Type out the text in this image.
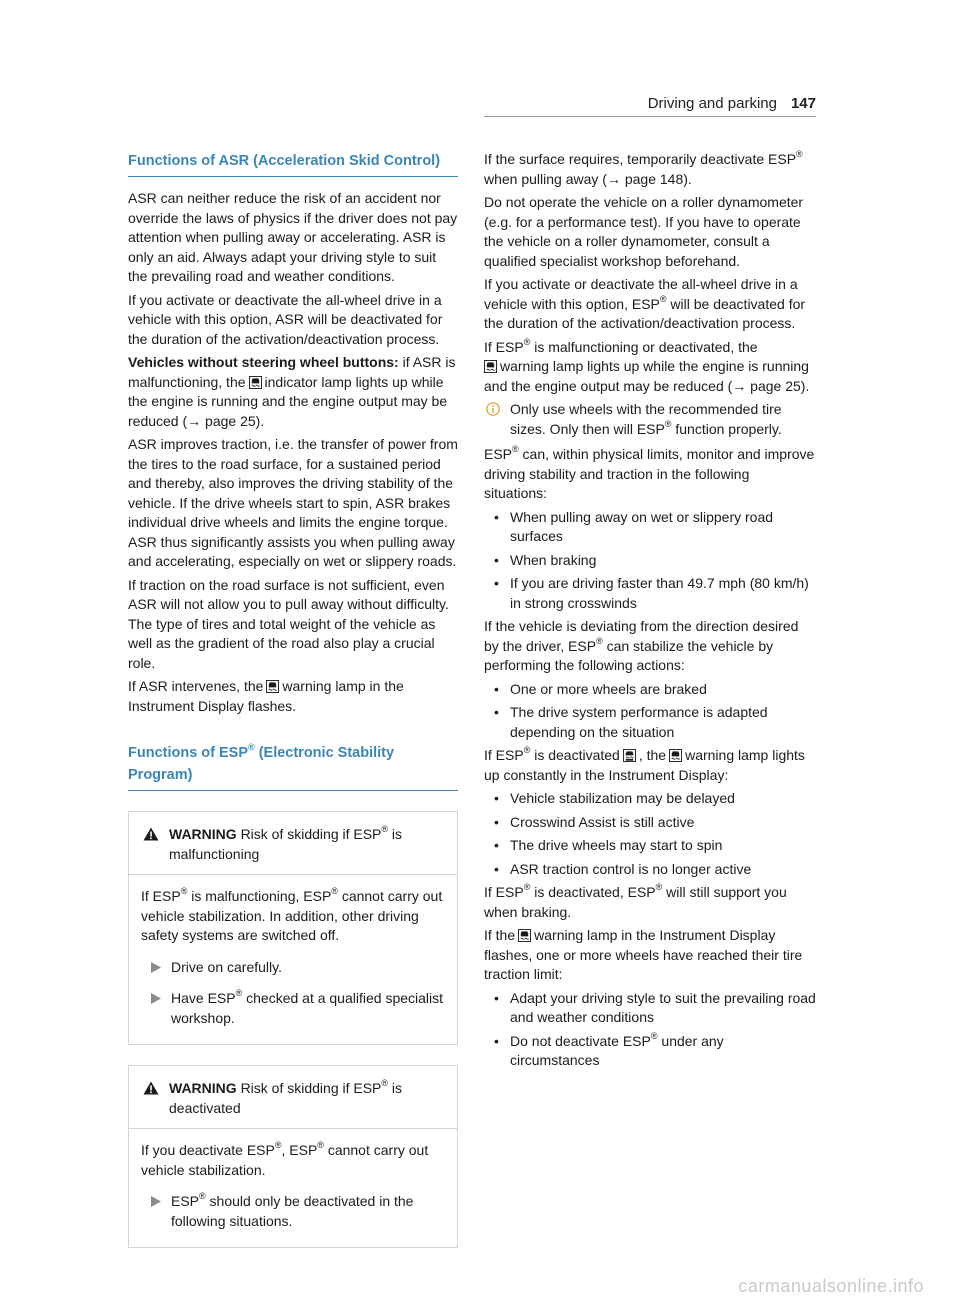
Driving and parking 147
Functions of ASR (Acceleration Skid Control)

ASR can neither reduce the risk of an accident nor override the laws of physics if the driver does not pay attention when pulling away or accelerating. ASR is only an aid. Always adapt your driving style to suit the prevailing road and weather conditions.

If you activate or deactivate the all-wheel drive in a vehicle with this option, ASR will be deactivated for the duration of the activation/deactivation process.

Vehicles without steering wheel buttons: if ASR is malfunctioning, the indicator lamp lights up while the engine is running and the engine output may be reduced (→ page 25).

ASR improves traction, i.e. the transfer of power from the tires to the road surface, for a sustained period and thereby, also improves the driving stability of the vehicle. If the drive wheels start to spin, ASR brakes individual drive wheels and limits the engine torque. ASR thus significantly assists you when pulling away and accelerating, especially on wet or slippery roads.

If traction on the road surface is not sufficient, even ASR will not allow you to pull away without difficulty. The type of tires and total weight of the vehicle as well as the gradient of the road also play a crucial role.

If ASR intervenes, the warning lamp in the Instrument Display flashes.

Functions of ESP® (Electronic Stability Program)
WARNING Risk of skidding if ESP® is malfunctioning

If ESP® is malfunctioning, ESP® cannot carry out vehicle stabilization. In addition, other driving safety systems are switched off.

Drive on carefully.
Have ESP® checked at a qualified specialist workshop.
WARNING Risk of skidding if ESP® is deactivated

If you deactivate ESP®, ESP® cannot carry out vehicle stabilization.

ESP® should only be deactivated in the following situations.

If the surface requires, temporarily deactivate ESP® when pulling away (→ page 148).

Do not operate the vehicle on a roller dynamometer (e.g. for a performance test). If you have to operate the vehicle on a roller dynamometer, consult a qualified specialist workshop beforehand.

If you activate or deactivate the all-wheel drive in a vehicle with this option, ESP® will be deactivated for the duration of the activation/deactivation process.

If ESP® is malfunctioning or deactivated, the
warning lamp lights up while the engine is running and the engine output may be reduced (→ page 25).

Only use wheels with the recommended tire sizes. Only then will ESP® function properly.

ESP® can, within physical limits, monitor and improve driving stability and traction in the following situations:

• When pulling away on wet or slippery road surfaces
• When braking
• If you are driving faster than 49.7 mph (80 km/h) in strong crosswinds

If the vehicle is deviating from the direction desired by the driver, ESP® can stabilize the vehicle by performing the following actions:

• One or more wheels are braked
• The drive system performance is adapted depending on the situation

If ESP® is deactivated , the warning lamp lights up constantly in the Instrument Display:

• Vehicle stabilization may be delayed
• Crosswind Assist is still active
• The drive wheels may start to spin
• ASR traction control is no longer active

If ESP® is deactivated, ESP® will still support you when braking.

If the warning lamp in the Instrument Display flashes, one or more wheels have reached their tire traction limit:

• Adapt your driving style to suit the prevailing road and weather conditions
• Do not deactivate ESP® under any circumstances
carmanualsonline.info
